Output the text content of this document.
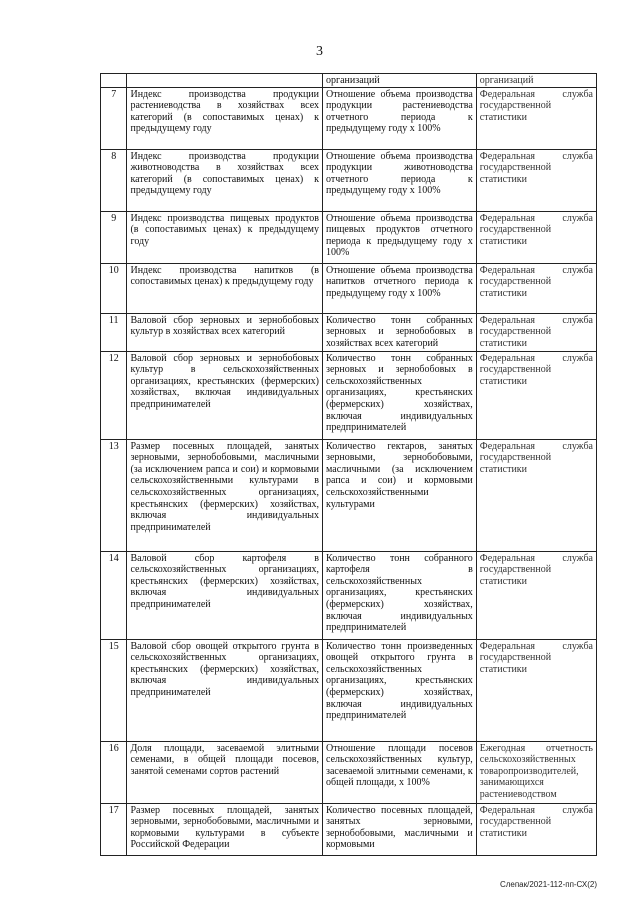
3
		организаций	организаций
7	Индекс производства продукции растениеводства в хозяйствах всех категорий (в сопоставимых ценах) к предыдущему году	Отношение объема производства продукции растениеводства отчетного периода к предыдущему году х 100%	Федеральная служба государственной статистики
8	Индекс производства продукции животноводства в хозяйствах всех категорий (в сопоставимых ценах) к предыдущему году	Отношение объема производства продукции животноводства отчетного периода к предыдущему году х 100%	Федеральная служба государственной статистики
9	Индекс производства пищевых продуктов (в сопоставимых ценах) к предыдущему году	Отношение объема производства пищевых продуктов отчетного периода к предыдущему году х 100%	Федеральная служба государственной статистики
10	Индекс производства напитков (в сопоставимых ценах) к предыдущему году	Отношение объема производства напитков отчетного периода к предыдущему году х 100%	Федеральная служба государственной статистики
11	Валовой сбор зерновых и зернобобовых культур в хозяйствах всех категорий	Количество тонн собранных зерновых и зернобобовых в хозяйствах всех категорий	Федеральная служба государственной статистики
12	Валовой сбор зерновых и зернобобовых культур в сельскохозяйственных организациях, крестьянских (фермерских) хозяйствах, включая индивидуальных предпринимателей	Количество тонн собранных зерновых и зернобобовых в сельскохозяйственных организациях, крестьянских (фермерских) хозяйствах, включая индивидуальных предпринимателей	Федеральная служба государственной статистики
13	Размер посевных площадей, занятых зерновыми, зернобобовыми, масличными (за исключением рапса и сои) и кормовыми сельскохозяйственными культурами в сельскохозяйственных организациях, крестьянских (фермерских) хозяйствах, включая индивидуальных предпринимателей	Количество гектаров, занятых зерновыми, зернобобовыми, масличными (за исключением рапса и сои) и кормовыми сельскохозяйственными культурами	Федеральная служба государственной статистики
14	Валовой сбор картофеля в сельскохозяйственных организациях, крестьянских (фермерских) хозяйствах, включая индивидуальных предпринимателей	Количество тонн собранного картофеля в сельскохозяйственных организациях, крестьянских (фермерских) хозяйствах, включая индивидуальных предпринимателей	Федеральная служба государственной статистики
15	Валовой сбор овощей открытого грунта в сельскохозяйственных организациях, крестьянских (фермерских) хозяйствах, включая индивидуальных предпринимателей	Количество тонн произведенных овощей открытого грунта в сельскохозяйственных организациях, крестьянских (фермерских) хозяйствах, включая индивидуальных предпринимателей	Федеральная служба государственной статистики
16	Доля площади, засеваемой элитными семенами, в общей площади посевов, занятой семенами сортов растений	Отношение площади посевов сельскохозяйственных культур, засеваемой элитными семенами, к общей площади, х 100%	Ежегодная отчетность сельскохозяйственных товаропроизводителей, занимающихся растениеводством
17	Размер посевных площадей, занятых зерновыми, зернобобовыми, масличными и кормовыми культурами в субъекте Российской Федерации	Количество посевных площадей, занятых зерновыми, зернобобовыми, масличными и кормовыми	Федеральная служба государственной статистики
Слепак/2021-112-пп-СХ(2)
